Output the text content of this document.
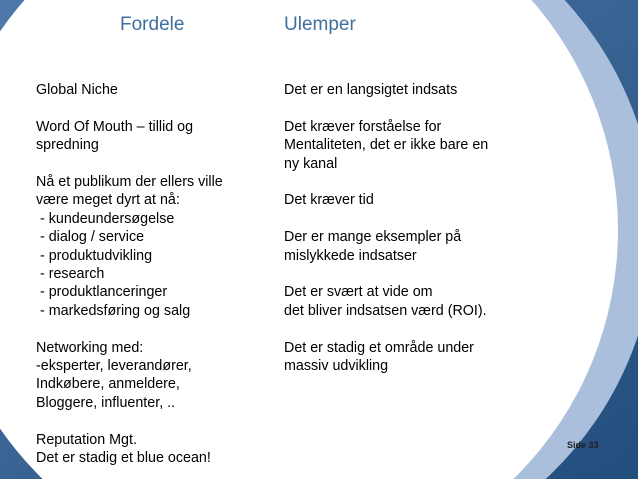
Fordele	Ulemper
Global Niche
Word Of Mouth – tillid og
spredning
Nå et publikum der ellers ville
være meget dyrt at nå:
- kundeundersøgelse
- dialog / service
- produktudvikling
- research
- produktlanceringer
- markedsføring og salg
Networking med:
-eksperter, leverandører,
Indkøbere, anmeldere,
Bloggere, influenter, ..
Reputation Mgt.
Det er stadig et blue ocean!
Det er en langsigtet indsats
Det kræver forståelse for
Mentaliteten, det er ikke bare en
ny kanal
Det kræver tid
Der er mange eksempler på
mislykkede indsatser
Det er svært at vide om
det bliver indsatsen værd (ROI).
Det er stadig et område under
massiv udvikling
Side 33
